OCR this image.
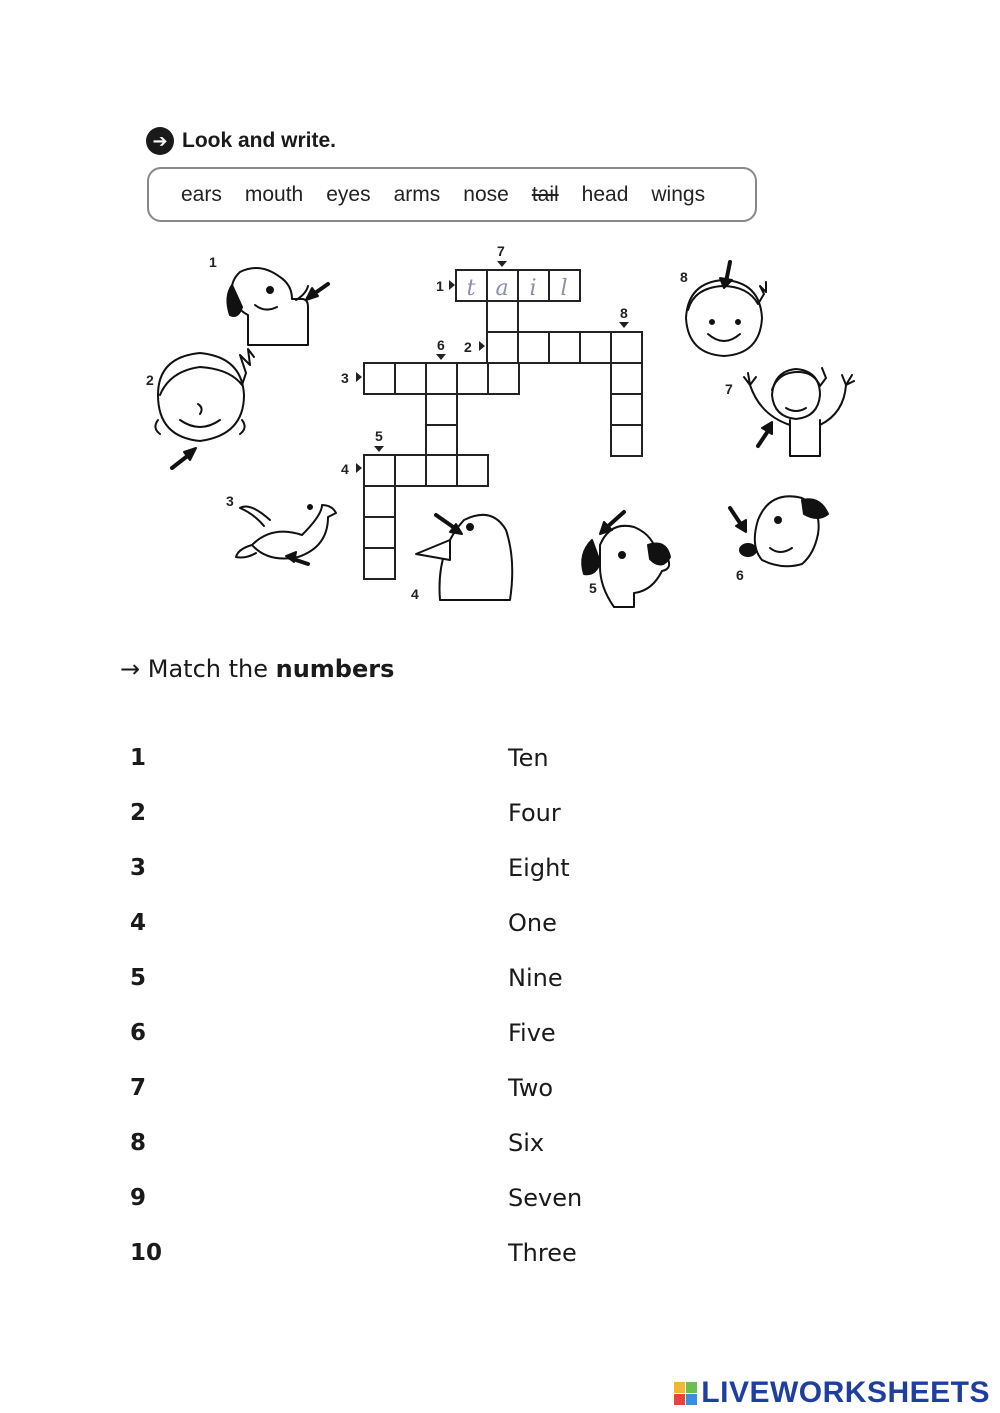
➔ Look and write.
ears mouth eyes arms nose tail head wings
t a i l
1
2
3
4
5
6
7
8
1
2
3
4	5
6
7
8
→ Match the numbers
1
2
3
4
5
6
7
8
9
10
Ten
Four
Eight
One
Nine
Five
Two
Six
Seven
Three
LIVEWORKSHEETS
